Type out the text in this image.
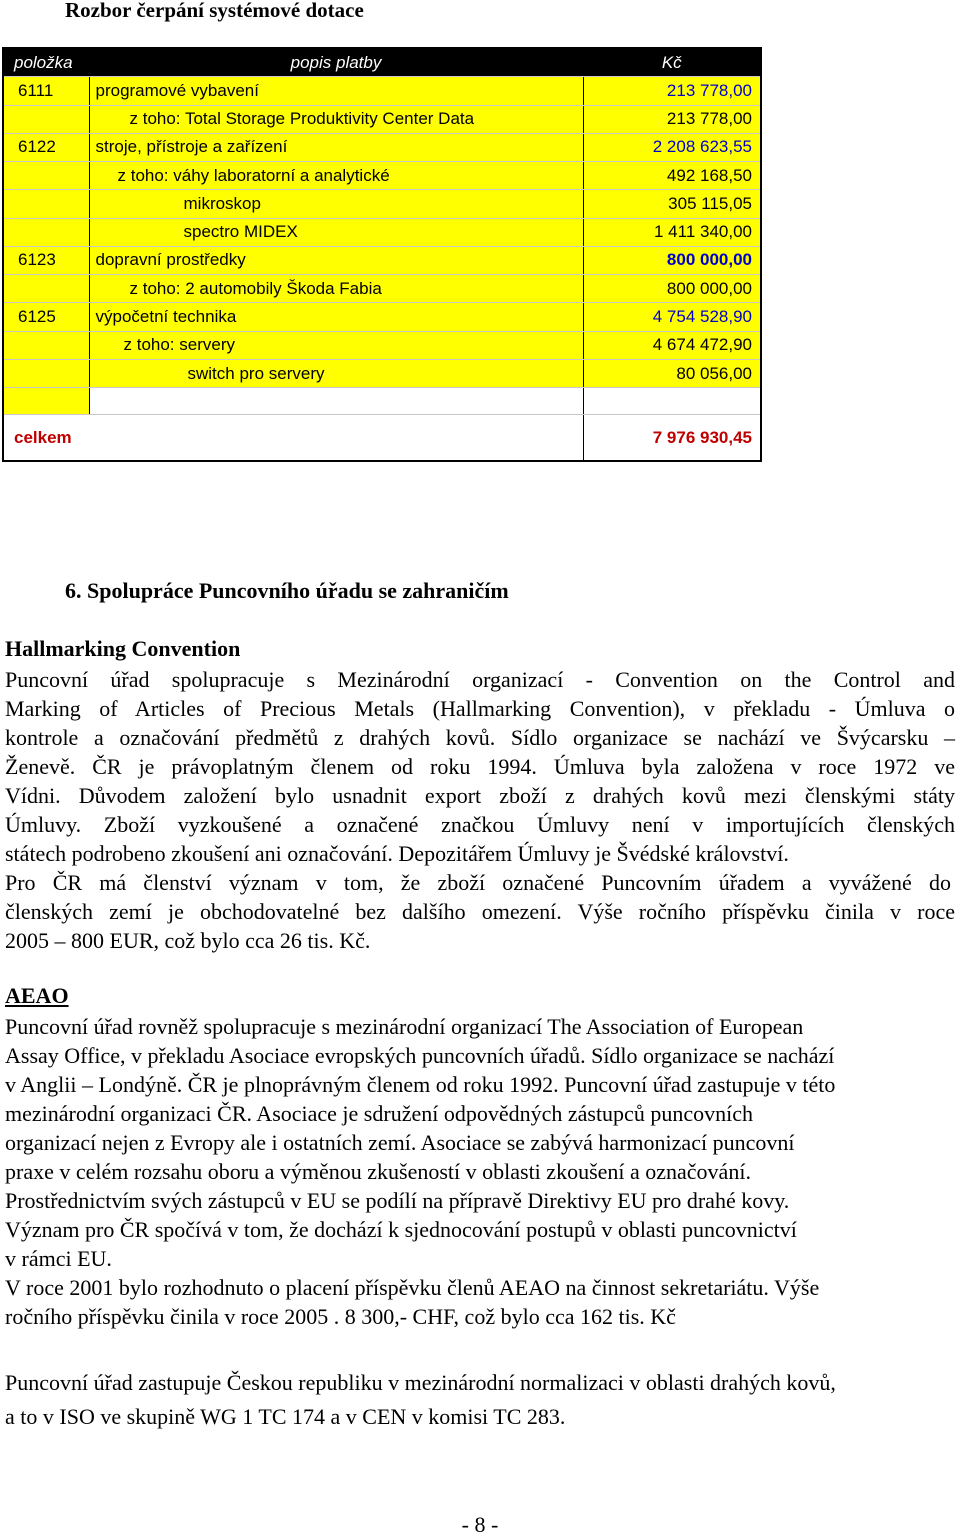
Rozbor čerpání systémové dotace
položka	popis platby	Kč
6111	programové vybavení	213 778,00
	z toho: Total Storage Produktivity Center Data	213 778,00
6122	stroje, přístroje a zařízení	2 208 623,55
	z toho: váhy laboratorní a analytické	492 168,50
	mikroskop	305 115,05
	spectro MIDEX	1 411 340,00
6123	dopravní prostředky	800 000,00
	z toho: 2 automobily Škoda Fabia	800 000,00
6125	výpočetní technika	4 754 528,90
	z toho: servery	4 674 472,90
	switch pro servery	80 056,00

celkem		7 976 930,45
6. Spolupráce Puncovního úřadu se zahraničím
Hallmarking Convention
Puncovní úřad spolupracuje s Mezinárodní organizací - Convention on the Control and
Marking of Articles of Precious Metals (Hallmarking Convention), v překladu - Úmluva o
kontrole a označování předmětů z drahých kovů. Sídlo organizace se nachází ve Švýcarsku –
Ženevě. ČR je právoplatným členem od roku 1994. Úmluva byla založena v roce 1972 ve
Vídni. Důvodem založení bylo usnadnit export zboží z drahých kovů mezi členskými státy
Úmluvy. Zboží vyzkoušené a označené značkou Úmluvy není v importujících členských
státech podrobeno zkoušení ani označování. Depozitářem Úmluvy je Švédské království.
Pro ČR má členství význam v tom, že zboží označené Puncovním úřadem a vyvážené do
členských zemí je obchodovatelné bez dalšího omezení. Výše ročního příspěvku činila v roce
2005 – 800 EUR, což bylo cca 26 tis. Kč.
AEAO
Puncovní úřad rovněž spolupracuje s mezinárodní organizací The Association of European
Assay Office, v překladu Asociace evropských puncovních úřadů. Sídlo organizace se nachází
v Anglii – Londýně. ČR je plnoprávným členem od roku 1992. Puncovní úřad zastupuje v této
mezinárodní organizaci ČR. Asociace je sdružení odpovědných zástupců puncovních
organizací nejen z Evropy ale i ostatních zemí. Asociace se zabývá harmonizací puncovní
praxe v celém rozsahu oboru a výměnou zkušeností v oblasti zkoušení a označování.
Prostřednictvím svých zástupců v EU se podílí na přípravě Direktivy EU pro drahé kovy.
Význam pro ČR spočívá v tom, že dochází k sjednocování postupů v oblasti puncovnictví
v rámci EU.
V roce 2001 bylo rozhodnuto o placení příspěvku členů AEAO na činnost sekretariátu. Výše
ročního příspěvku činila v roce 2005 . 8 300,- CHF, což bylo cca 162 tis. Kč
Puncovní úřad zastupuje Českou republiku v mezinárodní normalizaci v oblasti drahých kovů,
a to v ISO ve skupině WG 1 TC 174 a v CEN v komisi TC 283.
- 8 -
